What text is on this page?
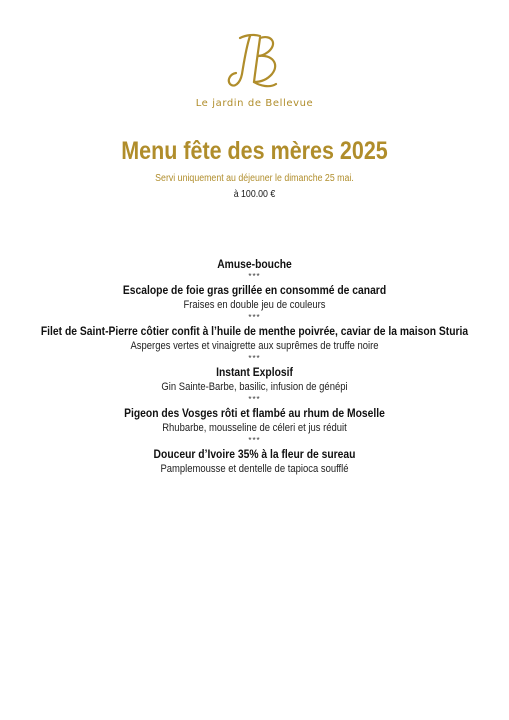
Le jardin de Bellevue
Menu fête des mères 2025
Servi uniquement au déjeuner le dimanche 25 mai.
à 100.00 €
Amuse-bouche
***
Escalope de foie gras grillée en consommé de canard
Fraises en double jeu de couleurs
***
Filet de Saint-Pierre côtier confit à l’huile de menthe poivrée, caviar de la maison Sturia
Asperges vertes et vinaigrette aux suprêmes de truffe noire
***
Instant Explosif
Gin Sainte-Barbe, basilic, infusion de génépi
***
Pigeon des Vosges rôti et flambé au rhum de Moselle
Rhubarbe, mousseline de céleri et jus réduit
***
Douceur d’Ivoire 35% à la fleur de sureau
Pamplemousse et dentelle de tapioca soufflé
